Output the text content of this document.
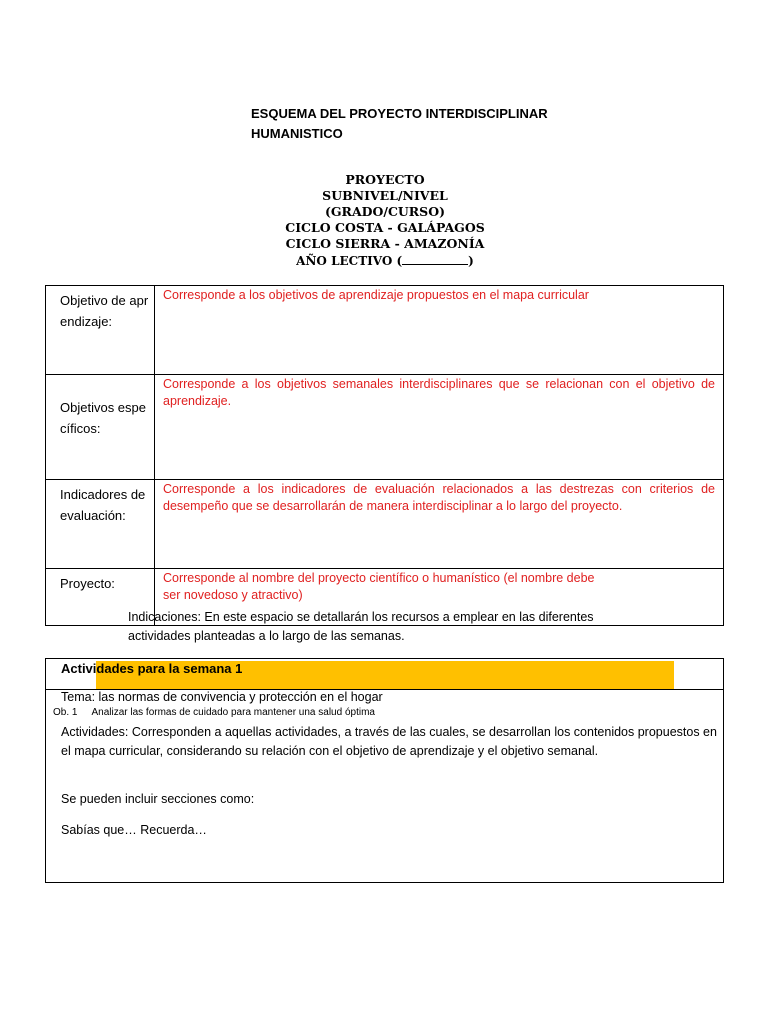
ESQUEMA DEL PROYECTO INTERDISCIPLINAR
HUMANISTICO
PROYECTO
SUBNIVEL/NIVEL
(GRADO/CURSO)
CICLO COSTA - GALÁPAGOS
CICLO SIERRA - AMAZONÍA
AÑO LECTIVO (	)
Objetivo de aprendizaje:	Corresponde a los objetivos de aprendizaje propuestos en el mapa curricular

Objetivos específicos:	Corresponde a los objetivos semanales interdisciplinares que se relacionan con el objetivo de aprendizaje.

Indicadores de evaluación:	Corresponde a los indicadores de evaluación relacionados a las destrezas con criterios de desempeño que se desarrollarán de manera interdisciplinar a lo largo del proyecto.

Proyecto:	Corresponde al nombre del proyecto científico o humanístico (el nombre debe
ser novedoso y atractivo)
Indicaciones: En este espacio se detallarán los recursos a emplear en las diferentes actividades planteadas a lo largo de las semanas.
Actividades para la semana 1
Tema: las normas de convivencia y protección en el hogar
Ob. 1 Analizar las formas de cuidado para mantener una salud óptima
Actividades: Corresponden a aquellas actividades, a través de las cuales, se desarrollan los contenidos propuestos en el mapa curricular, considerando su relación con el objetivo de aprendizaje y el objetivo semanal.
Se pueden incluir secciones como:
Sabías que… Recuerda…
